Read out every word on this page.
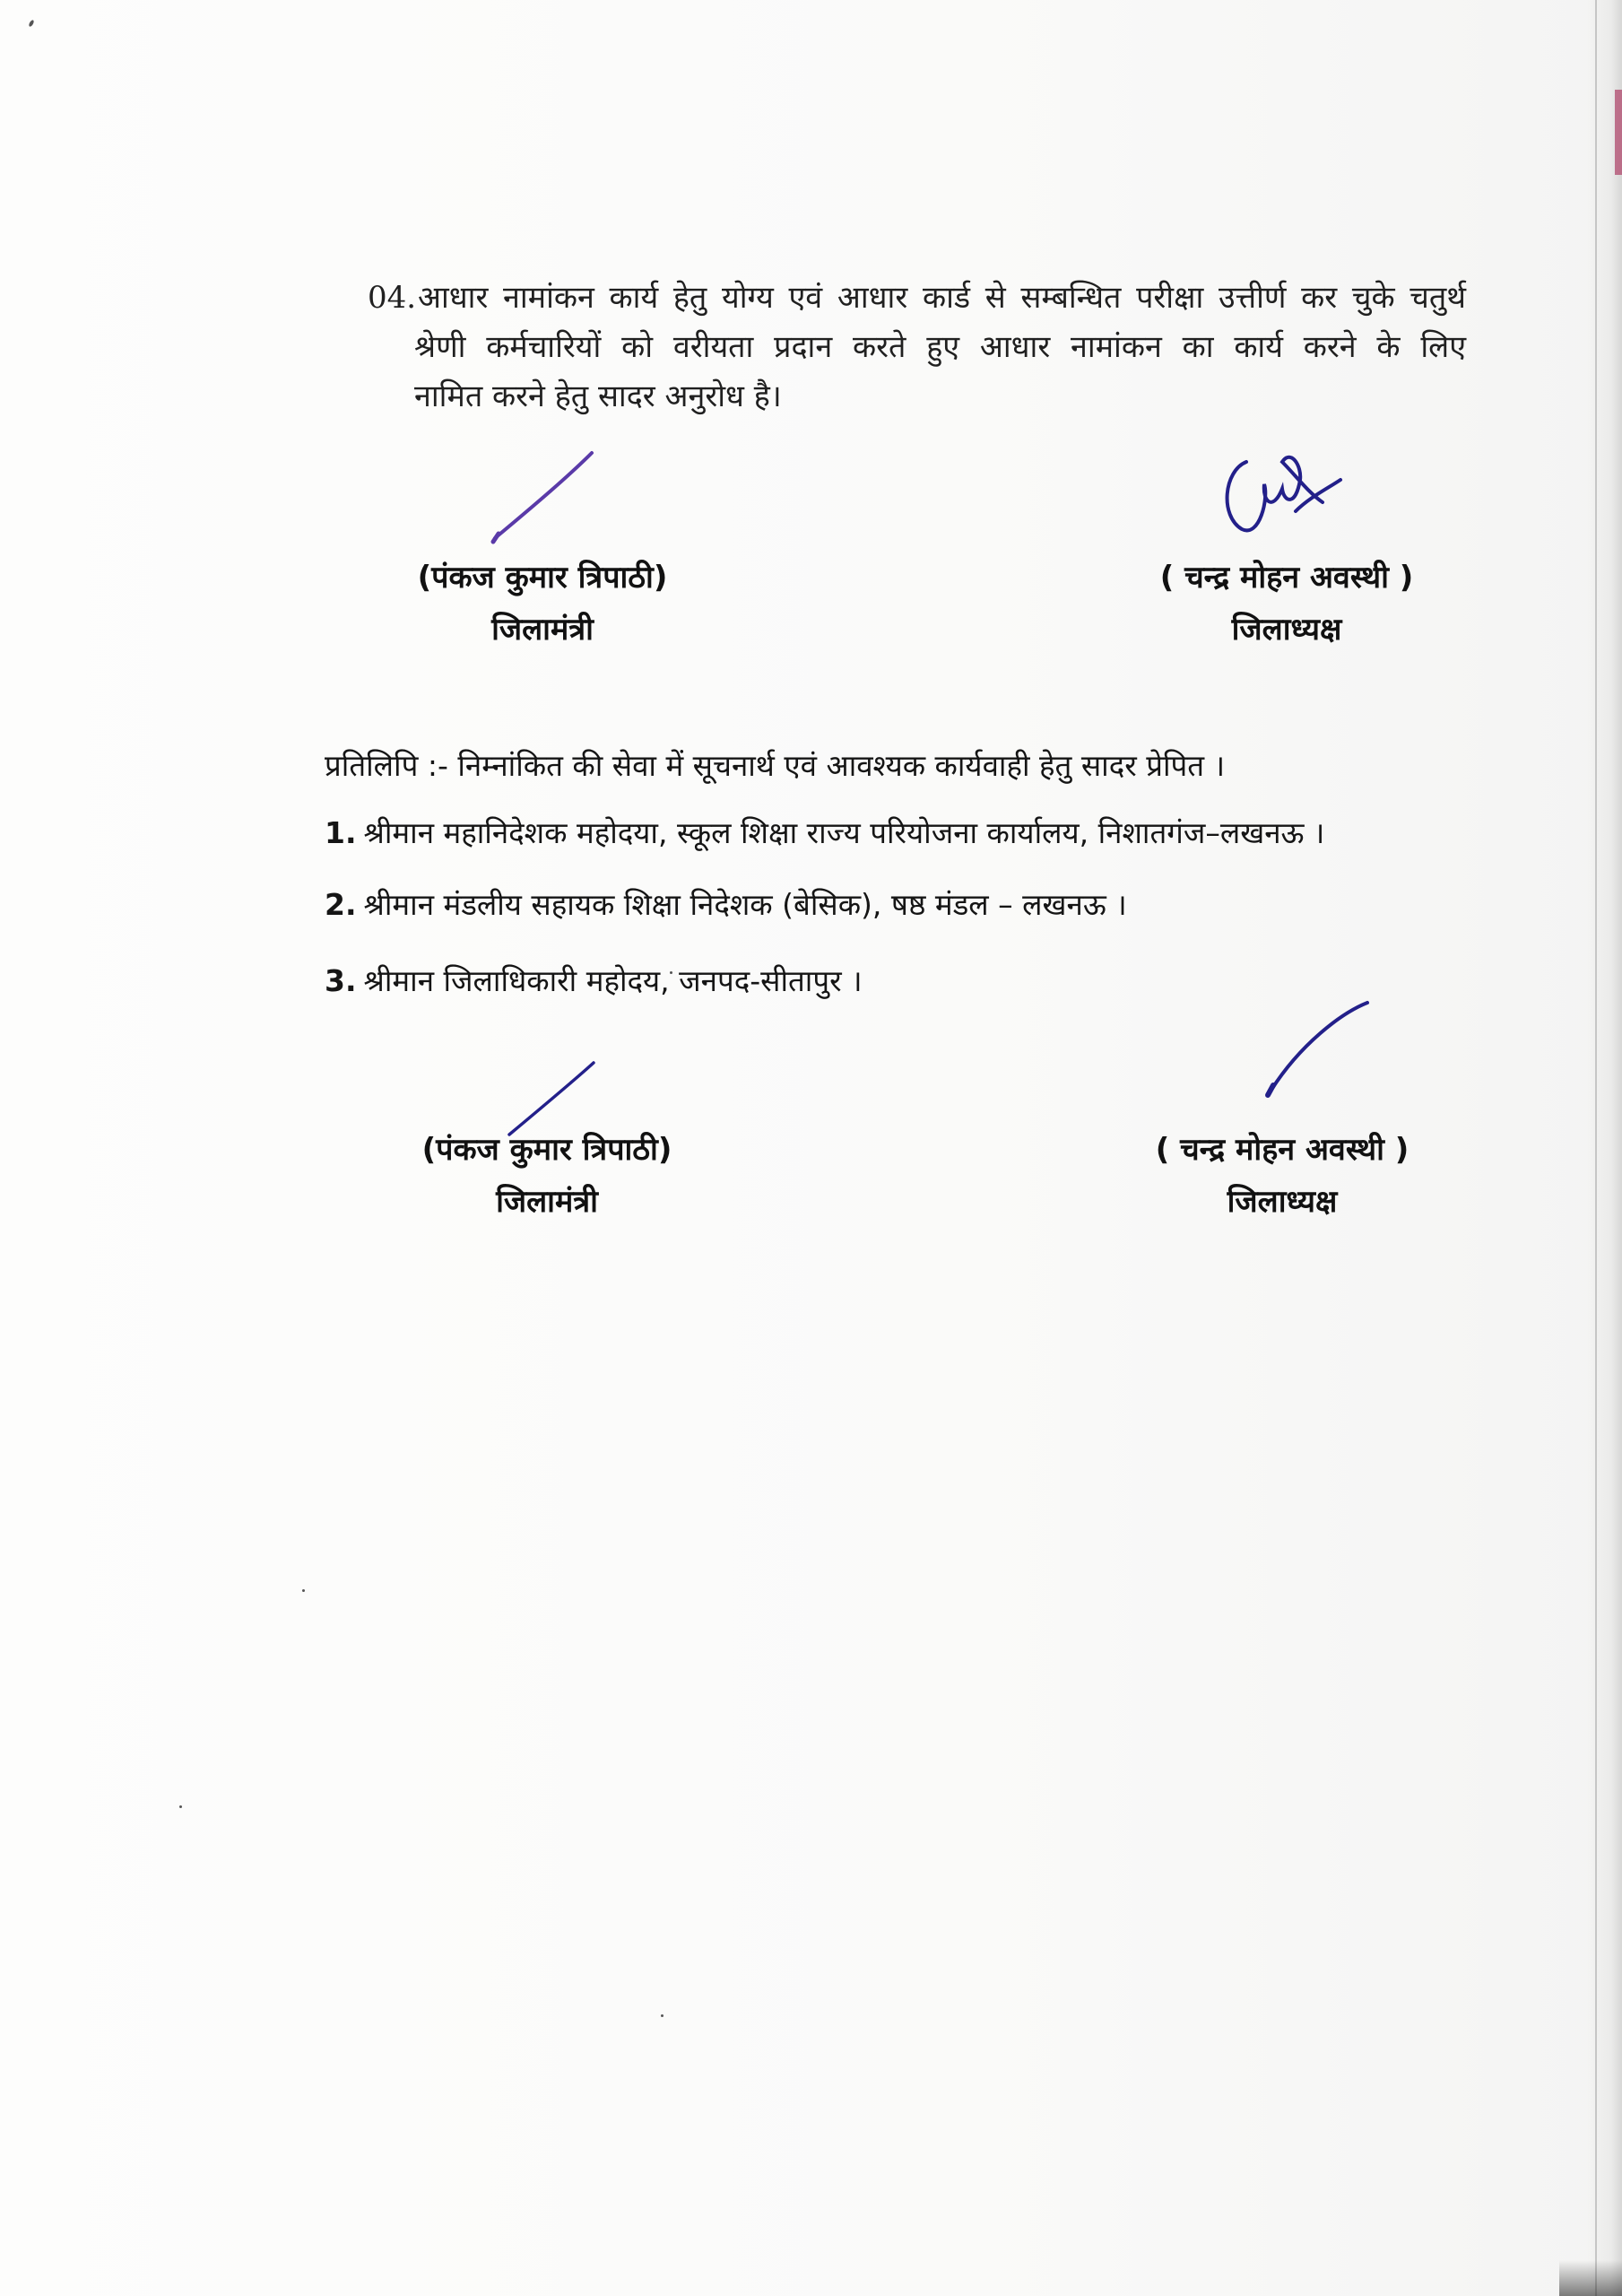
04. आधार नामांकन कार्य हेतु योग्य एवं आधार कार्ड से सम्बन्धित परीक्षा उत्तीर्ण कर चुके चतुर्थ
श्रेणी कर्मचारियों को वरीयता प्रदान करते हुए आधार नामांकन का कार्य करने के लिए
नामित करने हेतु सादर अनुरोध है।
(पंकज कुमार त्रिपाठी)
जिलामंत्री
( चन्द्र मोहन अवस्थी )
जिलाध्यक्ष
प्रतिलिपि :- निम्नांकित की सेवा में सूचनार्थ एवं आवश्यक कार्यवाही हेतु सादर प्रेपित ।
1. श्रीमान महानिदेशक महोदया, स्कूल शिक्षा राज्य परियोजना कार्यालय, निशातगंज–लखनऊ ।
2. श्रीमान मंडलीय सहायक शिक्षा निदेशक (बेसिक), षष्ठ मंडल – लखनऊ ।
3. श्रीमान जिलाधिकारी महोदय, जनपद-सीतापुर ।
(पंकज कुमार त्रिपाठी)
जिलामंत्री
( चन्द्र मोहन अवस्थी )
जिलाध्यक्ष
